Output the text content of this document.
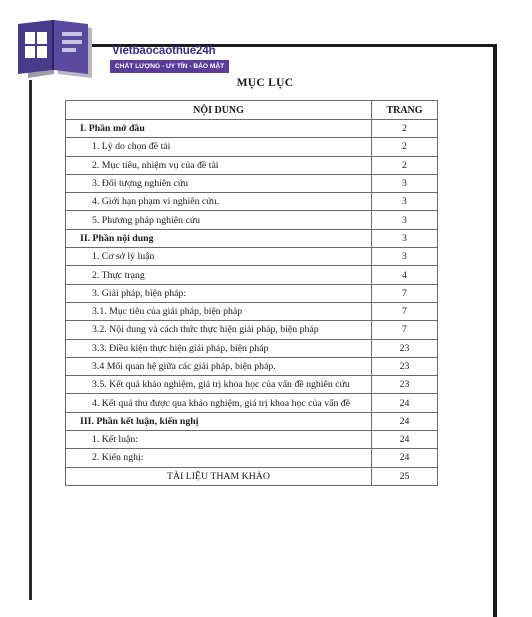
Vietbaocaothue24h
CHẤT LƯỢNG - UY TÍN - BẢO MẬT
MỤC LỤC
NỘI DUNG	TRANG
I. Phần mở đầu	2
1. Lý do chọn đề tài	2
2. Mục tiêu, nhiệm vụ của đề tài	2
3. Đối tượng nghiên cứu	3
4. Giới hạn phạm vi nghiên cứu.	3
5. Phương pháp nghiên cứu	3
II. Phần nội dung	3
1. Cơ sở lý luận	3
2. Thực trạng	4
3. Giải pháp, biện pháp:	7
3.1. Mục tiêu của giải pháp, biện pháp	7
3.2. Nội dung và cách thức thực hiện giải pháp, biện pháp	7
3.3. Điều kiện thực hiện giải pháp, biện pháp	23
3.4 Mối quan hệ giữa các giải pháp, biện pháp.	23
3.5. Kết quả khảo nghiệm, giá trị khoa học của vấn đề nghiên cứu	23
4. Kết quả thu được qua khảo nghiệm, giá trị khoa học của vấn đề	24
III. Phần kết luận, kiến nghị	24
1. Kết luận:	24
2. Kiến nghị:	24
TÀI LIỆU THAM KHẢO	25
